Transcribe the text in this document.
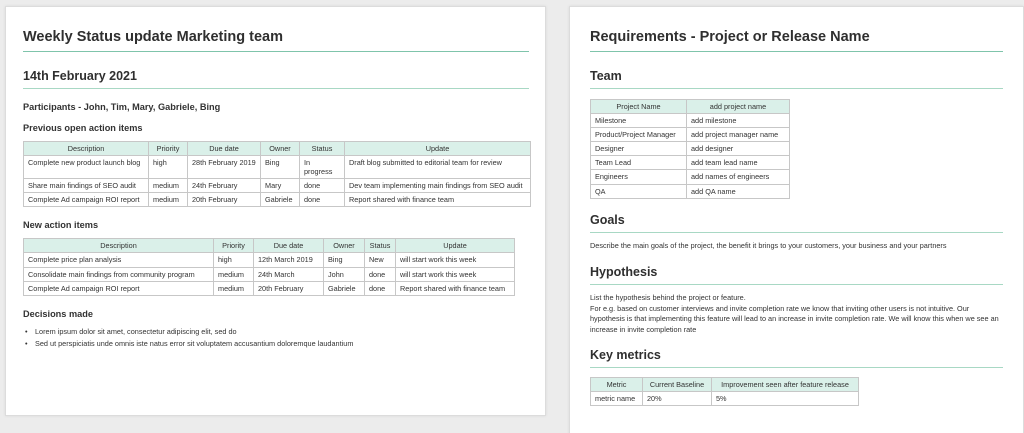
Weekly Status update Marketing team
14th February 2021
Participants - John, Tim, Mary, Gabriele, Bing
Previous open action items
Description	Priority	Due date	Owner	Status	Update
Complete new product launch blog	high	28th February 2019	Bing	In progress	Draft blog submitted to editorial team for review
Share main findings of SEO audit	medium	24th February	Mary	done	Dev team implementing main findings from SEO audit
Complete Ad campaign ROI report	medium	20th February	Gabriele	done	Report shared with finance team
New action items
Description	Priority	Due date	Owner	Status	Update
Complete price plan analysis	high	12th March 2019	Bing	New	will start work this week
Consolidate main findings from community program	medium	24th March	John	done	will start work this week
Complete Ad campaign ROI report	medium	20th February	Gabriele	done	Report shared with finance team
Decisions made
• Lorem ipsum dolor sit amet, consectetur adipiscing elit, sed do
• Sed ut perspiciatis unde omnis iste natus error sit voluptatem accusantium doloremque laudantium
Requirements - Project or Release Name
Team
Project Name	add project name
Milestone	add milestone
Product/Project Manager	add project manager name
Designer	add designer
Team Lead	add team lead name
Engineers	add names of engineers
QA	add QA name
Goals
Describe the main goals of the project, the benefit it brings to your customers, your business and your partners
Hypothesis
List the hypothesis behind the project or feature.
For e.g. based on customer interviews and invite completion rate we know that inviting other users is not intuitive. Our hypothesis is that implementing this feature will lead to an increase in invite completion rate. We will know this when we see an increase in invite completion rate
Key metrics
Metric	Current Baseline	Improvement seen after feature release
metric name	20%	5%
